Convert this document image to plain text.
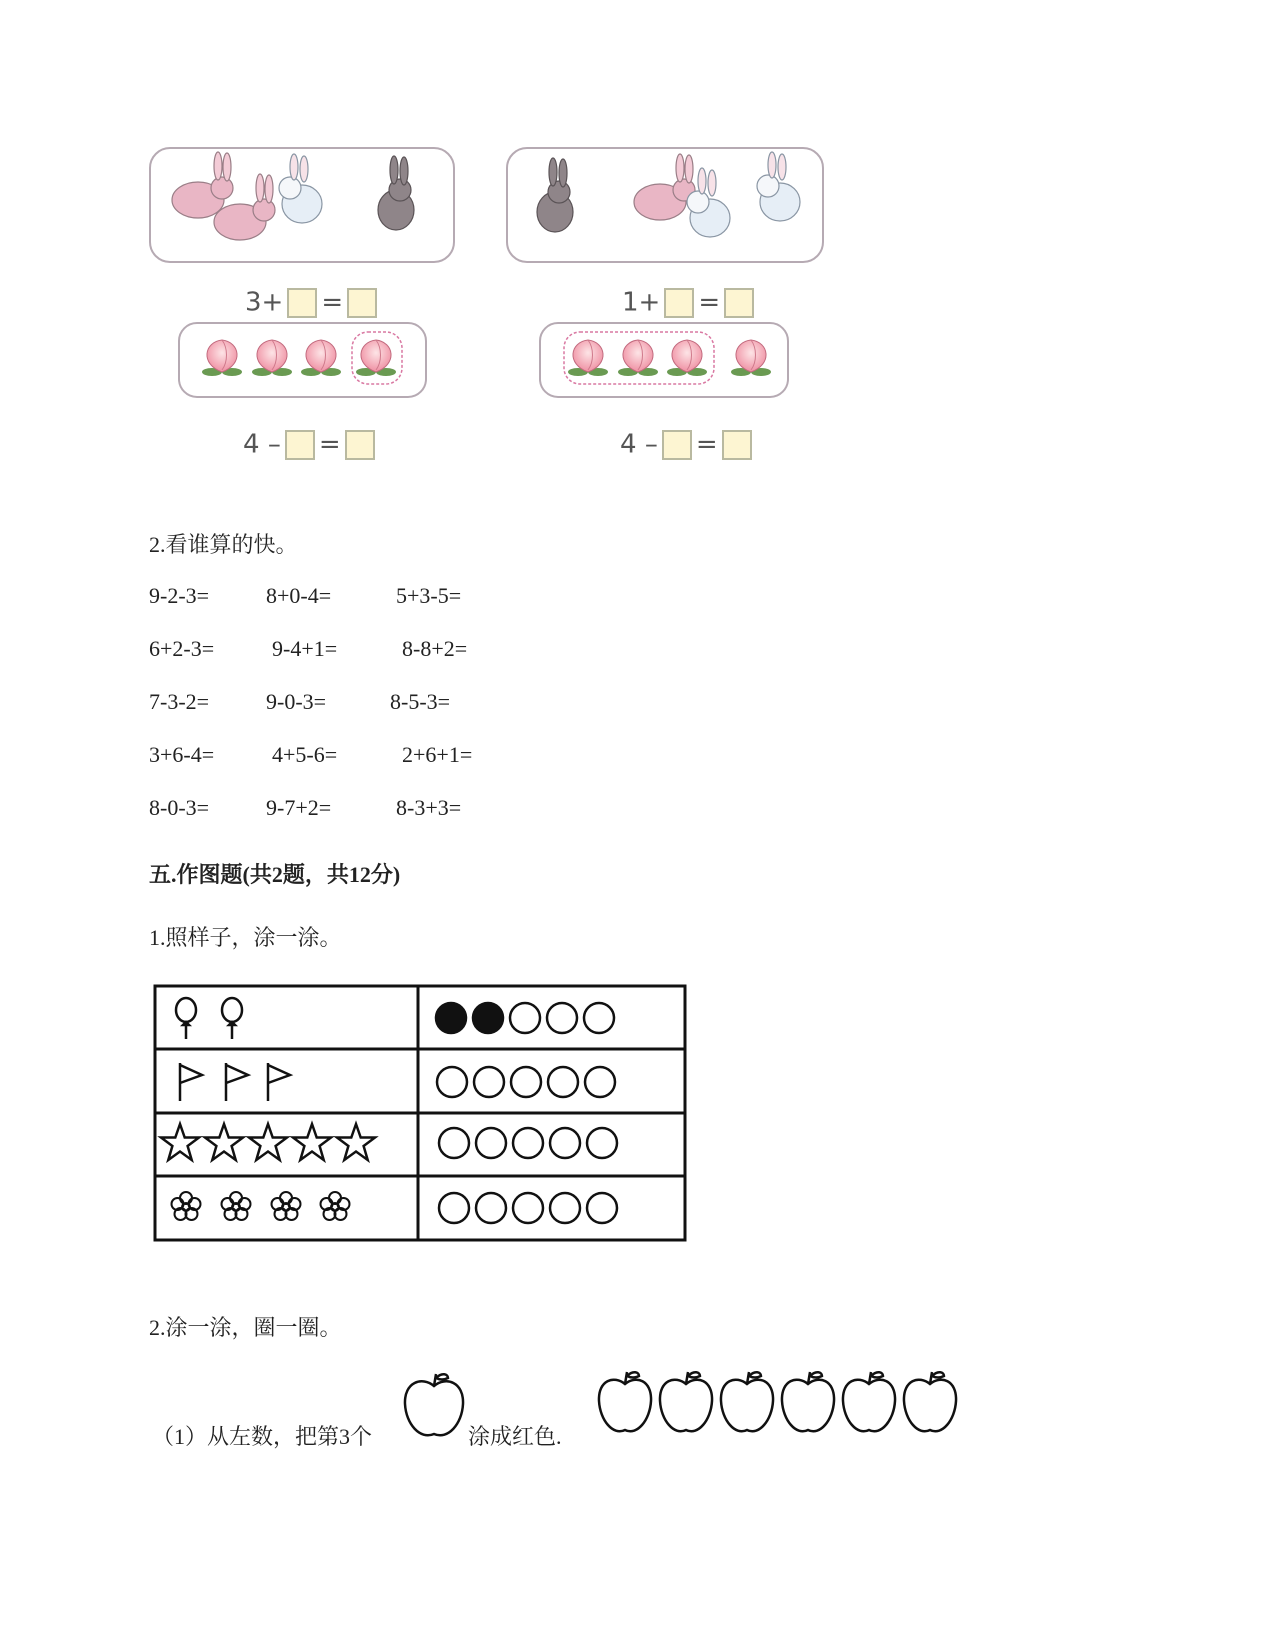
3+ =	1+ =
4 – =	4 – =
2.看谁算的快。
9-2-3=	8+0-4=	5+3-5=
6+2-3=	9-4+1=	8-8+2=
7-3-2=	9-0-3=	8-5-3=
3+6-4=	4+5-6=	2+6+1=
8-0-3=	9-7+2=	8-3+3=
五.作图题(共2题，共12分)
1.照样子，涂一涂。
2.涂一涂，圈一圈。
（1）从左数，把第3个	涂成红色.
